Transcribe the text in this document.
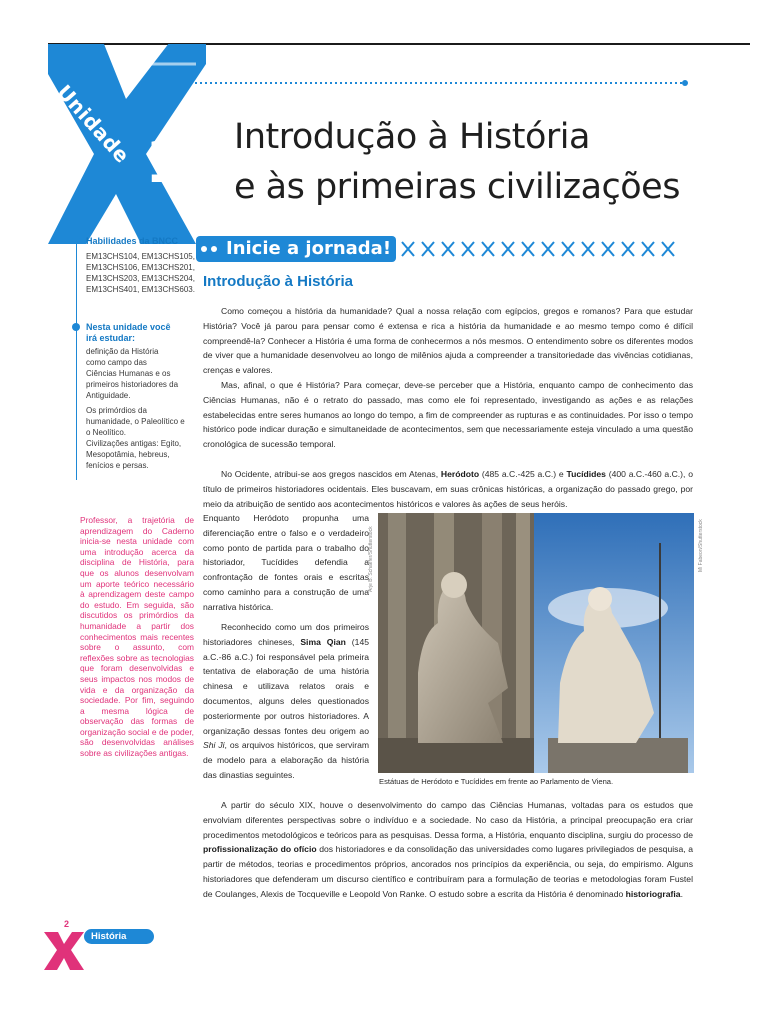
Unidade 1 Introdução à História
e às primeiras civilizações
Habilidades da BNCC
EM13CHS104, EM13CHS105,
EM13CHS106, EM13CHS201,
EM13CHS203, EM13CHS204,
EM13CHS401, EM13CHS603.
Nesta unidade você
irá estudar:
definição da História
como campo das
Ciências Humanas e os
primeiros historiadores da
Antiguidade.
Os primórdios da
humanidade, o Paleolítico e
o Neolítico.
Civilizações antigas: Egito,
Mesopotâmia, hebreus,
fenícios e persas.
Professor, a trajetória de aprendizagem do Caderno inicia-se nesta unidade com uma introdução acerca da disciplina de História, para que os alunos desenvolvam um aporte teórico necessário à aprendizagem deste campo do estudo. Em seguida, são discutidos os primórdios da humanidade a partir dos conhecimentos mais recentes sobre o assunto, com reflexões sobre as tecnologias que foram desenvolvidas e seus impactos nos modos de vida e da organização da sociedade. Por fim, seguindo a mesma lógica de observação das formas de organização social e de poder, são desenvolvidas análises sobre as civilizações antigas.
Inicie a jornada!
Introdução à História

Como começou a história da humanidade? Qual a nossa relação com egípcios, gregos e romanos? Para que estudar História? Você já parou para pensar como é extensa e rica a história da humanidade e ao mesmo tempo como é difícil compreendê-la? Conhecer a História é uma forma de conhecermos a nós mesmos. O entendimento sobre os diferentes modos de viver que a humanidade desenvolveu ao longo de milênios ajuda a compreender a transitoriedade das vivências cotidianas, crenças e valores.

Mas, afinal, o que é História? Para começar, deve-se perceber que a História, enquanto campo de conhecimento das Ciências Humanas, não é o retrato do passado, mas como ele foi representado, investigando as ações e as relações estabelecidas entre seres humanos ao longo do tempo, a fim de compreender as rupturas e as continuidades. Por isso o tempo histórico pode indicar duração e simultaneidade de acontecimentos, sem que necessariamente esteja vinculado a uma questão cronológica de sucessão temporal.

No Ocidente, atribui-se aos gregos nascidos em Atenas, Heródoto (485 a.C.-425 a.C.) e Tucídides (400 a.C.-460 a.C.), o título de primeiros historiadores ocidentais. Eles buscavam, em suas crônicas históricas, a organização do passado grego, por meio da atribuição de sentido aos acontecimentos históricos e valores às ações de seus heróis.

Enquanto Heródoto propunha uma diferenciação entre o falso e o verdadeiro como ponto de partida para o trabalho do historiador, Tucídides defendia a confrontação de fontes orais e escritas como caminho para a construção de uma narrativa histórica.

Reconhecido como um dos primeiros historiadores chineses, Sima Qian (145 a.C.-86 a.C.) foi responsável pela primeira tentativa de elaboração de uma história chinesa e utilizava relatos orais e documentos, alguns deles questionados posteriormente por outros historiadores. A organização dessas fontes deu origem ao Shi Ji, os arquivos históricos, que serviram de modelo para a elaboração da história das dinastias seguintes.

A partir do século XIX, houve o desenvolvimento do campo das Ciências Humanas, voltadas para os estudos que envolviam diferentes perspectivas sobre o indivíduo e a sociedade. No caso da História, a principal preocupação era criar procedimentos metodológicos e teóricos para as pesquisas. Dessa forma, a História, enquanto disciplina, surgiu do processo de profissionalização do ofício dos historiadores e da consolidação das universidades como lugares privilegiados de pesquisa, a partir de métodos, teorias e procedimentos próprios, ancorados nos princípios da experiência, ou seja, do empirismo. Alguns historiadores que defenderam um discurso científico e contribuíram para a formulação de teorias e metodologias foram Fustel de Coulanges, Alexis de Tocqueville e Leopold Von Ranke. O estudo sobre a escrita da História é denominado historiografia.

Arje B. Schaefer/Shutterstock	Mi Fabeon/Shutterstock
Estátuas de Heródoto e Tucídides em frente ao Parlamento de Viena.
2
História
